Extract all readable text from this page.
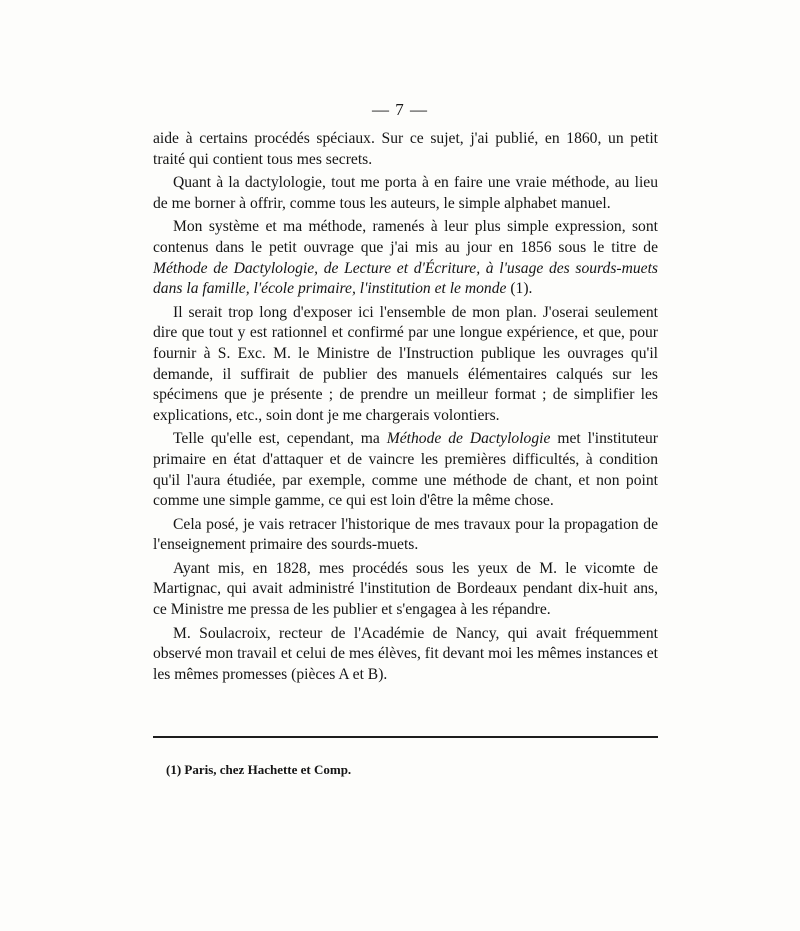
— 7 —

aide à certains procédés spéciaux. Sur ce sujet, j'ai publié, en 1860, un petit traité qui contient tous mes secrets.

Quant à la dactylologie, tout me porta à en faire une vraie méthode, au lieu de me borner à offrir, comme tous les auteurs, le simple alphabet manuel.

Mon système et ma méthode, ramenés à leur plus simple expression, sont contenus dans le petit ouvrage que j'ai mis au jour en 1856 sous le titre de Méthode de Dactylologie, de Lecture et d'Écriture, à l'usage des sourds-muets dans la famille, l'école primaire, l'institution et le monde (1).

Il serait trop long d'exposer ici l'ensemble de mon plan. J'oserai seulement dire que tout y est rationnel et confirmé par une longue expérience, et que, pour fournir à S. Exc. M. le Ministre de l'Instruction publique les ouvrages qu'il demande, il suffirait de publier des manuels élémentaires calqués sur les spécimens que je présente ; de prendre un meilleur format ; de simplifier les explications, etc., soin dont je me chargerais volontiers.

Telle qu'elle est, cependant, ma Méthode de Dactylologie met l'instituteur primaire en état d'attaquer et de vaincre les premières difficultés, à condition qu'il l'aura étudiée, par exemple, comme une méthode de chant, et non point comme une simple gamme, ce qui est loin d'être la même chose.

Cela posé, je vais retracer l'historique de mes travaux pour la propagation de l'enseignement primaire des sourds-muets.

Ayant mis, en 1828, mes procédés sous les yeux de M. le vicomte de Martignac, qui avait administré l'institution de Bordeaux pendant dix-huit ans, ce Ministre me pressa de les publier et s'engagea à les répandre.

M. Soulacroix, recteur de l'Académie de Nancy, qui avait fréquemment observé mon travail et celui de mes élèves, fit devant moi les mêmes instances et les mêmes promesses (pièces A et B).

(1) Paris, chez Hachette et Comp.
